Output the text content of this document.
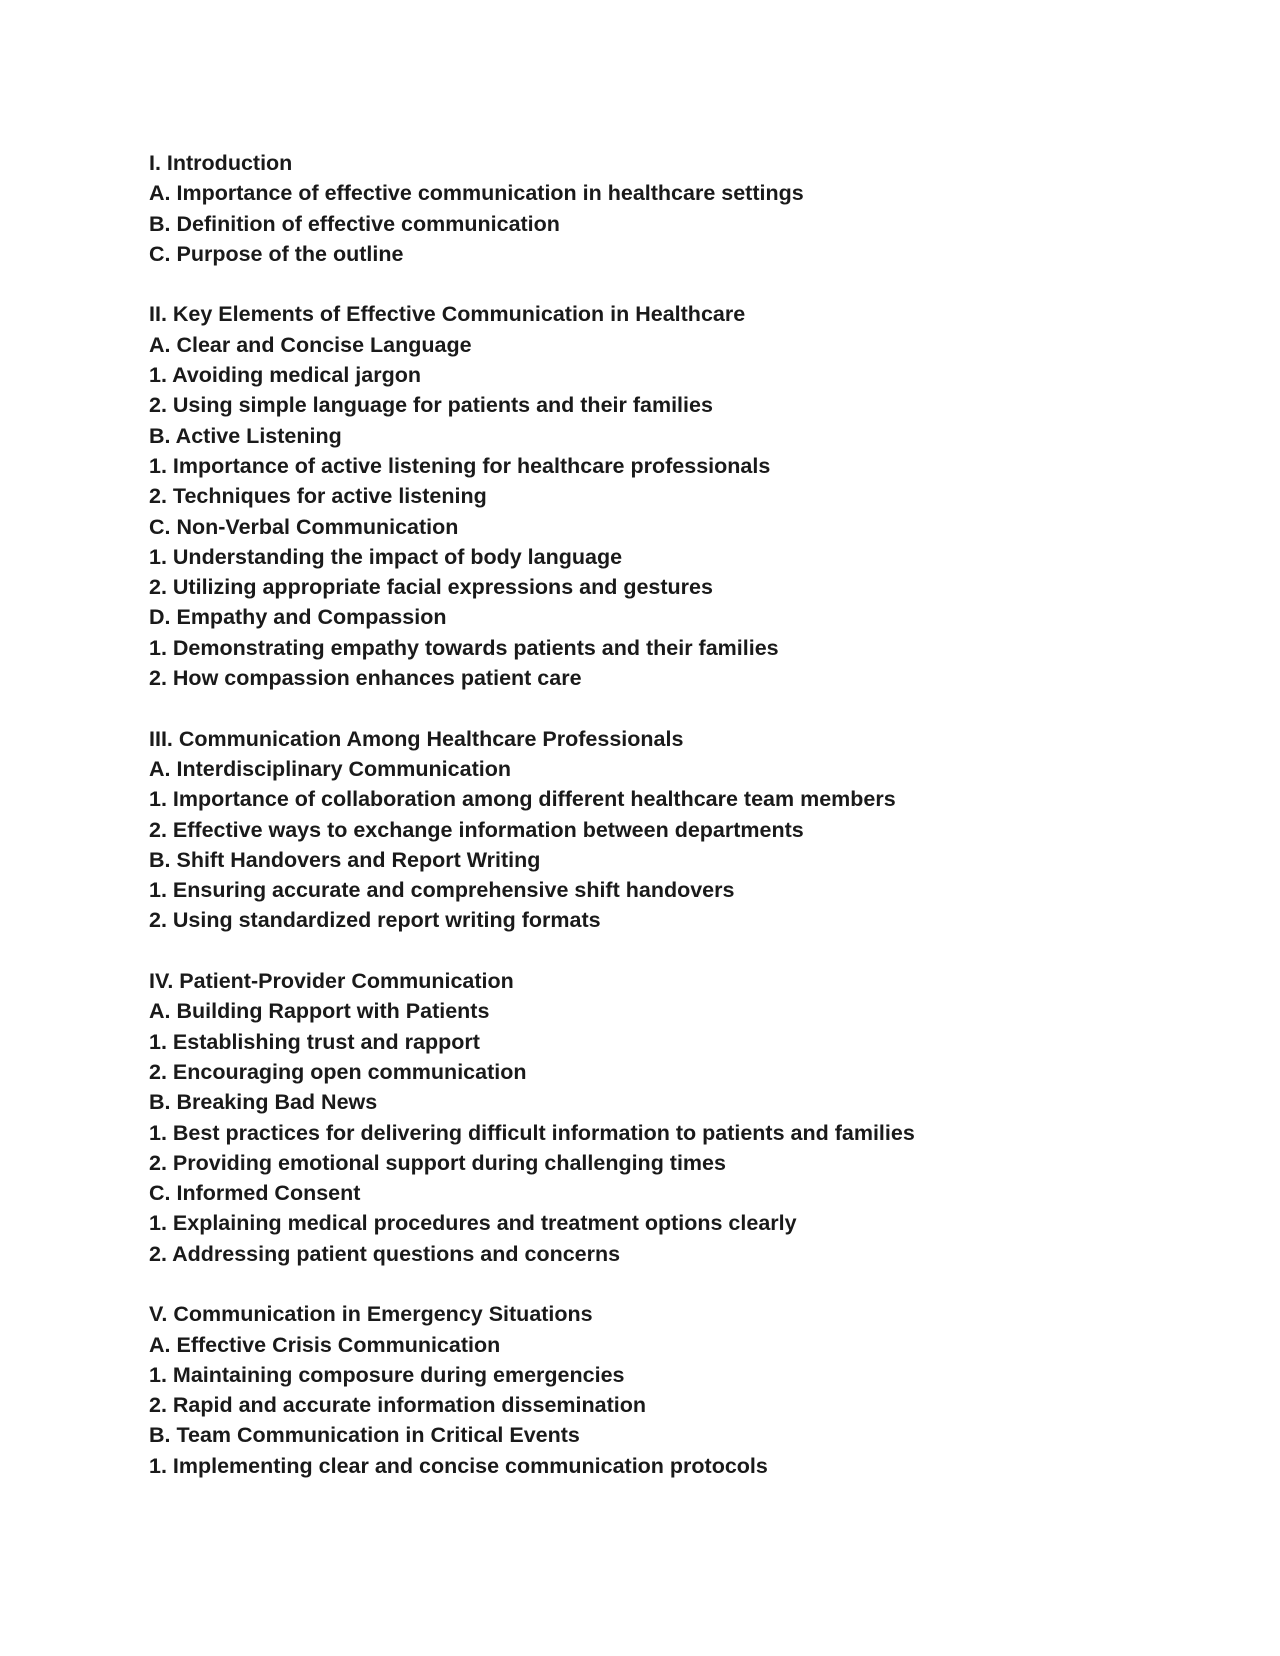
I. Introduction
A. Importance of effective communication in healthcare settings
B. Definition of effective communication
C. Purpose of the outline
II. Key Elements of Effective Communication in Healthcare
A. Clear and Concise Language
1. Avoiding medical jargon
2. Using simple language for patients and their families
B. Active Listening
1. Importance of active listening for healthcare professionals
2. Techniques for active listening
C. Non-Verbal Communication
1. Understanding the impact of body language
2. Utilizing appropriate facial expressions and gestures
D. Empathy and Compassion
1. Demonstrating empathy towards patients and their families
2. How compassion enhances patient care
III. Communication Among Healthcare Professionals
A. Interdisciplinary Communication
1. Importance of collaboration among different healthcare team members
2. Effective ways to exchange information between departments
B. Shift Handovers and Report Writing
1. Ensuring accurate and comprehensive shift handovers
2. Using standardized report writing formats
IV. Patient-Provider Communication
A. Building Rapport with Patients
1. Establishing trust and rapport
2. Encouraging open communication
B. Breaking Bad News
1. Best practices for delivering difficult information to patients and families
2. Providing emotional support during challenging times
C. Informed Consent
1. Explaining medical procedures and treatment options clearly
2. Addressing patient questions and concerns
V. Communication in Emergency Situations
A. Effective Crisis Communication
1. Maintaining composure during emergencies
2. Rapid and accurate information dissemination
B. Team Communication in Critical Events
1. Implementing clear and concise communication protocols
